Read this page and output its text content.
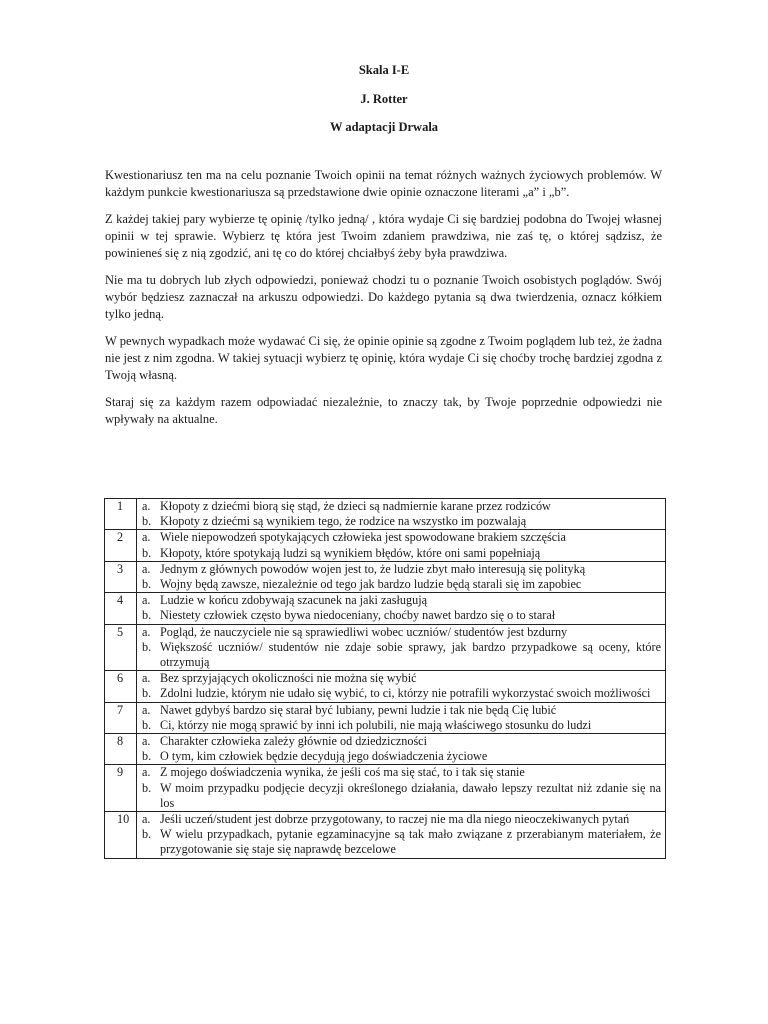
Skala I-E
J. Rotter
W adaptacji Drwala

Kwestionariusz ten ma na celu poznanie Twoich opinii na temat różnych ważnych życiowych problemów. W każdym punkcie kwestionariusza są przedstawione dwie opinie oznaczone literami „a” i „b”.

Z każdej takiej pary wybierze tę opinię /tylko jedną/ , która wydaje Ci się bardziej podobna do Twojej własnej opinii w tej sprawie. Wybierz tę która jest Twoim zdaniem prawdziwa, nie zaś tę, o której sądzisz, że powinieneś się z nią zgodzić, ani tę co do której chciałbyś żeby była prawdziwa.

Nie ma tu dobrych lub złych odpowiedzi, ponieważ chodzi tu o poznanie Twoich osobistych poglądów. Swój wybór będziesz zaznaczał na arkuszu odpowiedzi. Do każdego pytania są dwa twierdzenia, oznacz kółkiem tylko jedną.

W pewnych wypadkach może wydawać Ci się, że opinie opinie są zgodne z Twoim poglądem lub też, że żadna nie jest z nim zgodna. W takiej sytuacji wybierz tę opinię, która wydaje Ci się choćby trochę bardziej zgodna z Twoją własną.

Staraj się za każdym razem odpowiadać niezależnie, to znaczy tak, by Twoje poprzednie odpowiedzi nie wpływały na aktualne.

1	a. Kłopoty z dziećmi biorą się stąd, że dzieci są nadmiernie karane przez rodziców
b. Kłopoty z dziećmi są wynikiem tego, że rodzice na wszystko im pozwalają

2	a. Wiele niepowodzeń spotykających człowieka jest spowodowane brakiem szczęścia
b. Kłopoty, które spotykają ludzi są wynikiem błędów, które oni sami popełniają

3	a. Jednym z głównych powodów wojen jest to, że ludzie zbyt mało interesują się polityką
b. Wojny będą zawsze, niezależnie od tego jak bardzo ludzie będą starali się im zapobiec

4	a. Ludzie w końcu zdobywają szacunek na jaki zasługują
b. Niestety człowiek często bywa niedoceniany, choćby nawet bardzo się o to starał

5	a. Pogląd, że nauczyciele nie są sprawiedliwi wobec uczniów/ studentów jest bzdurny
b. Większość uczniów/ studentów nie zdaje sobie sprawy, jak bardzo przypadkowe są oceny, które otrzymują

6	a. Bez sprzyjających okoliczności nie można się wybić
b. Zdolni ludzie, którym nie udało się wybić, to ci, którzy nie potrafili wykorzystać swoich możliwości

7	a. Nawet gdybyś bardzo się starał być lubiany, pewni ludzie i tak nie będą Cię lubić
b. Ci, którzy nie mogą sprawić by inni ich polubili, nie mają właściwego stosunku do ludzi

8	a. Charakter człowieka zależy głównie od dziedziczności
b. O tym, kim człowiek będzie decydują jego doświadczenia życiowe

9	a. Z mojego doświadczenia wynika, że jeśli coś ma się stać, to i tak się stanie
b. W moim przypadku podjęcie decyzji określonego działania, dawało lepszy rezultat niż zdanie się na los

10	a. Jeśli uczeń/student jest dobrze przygotowany, to raczej nie ma dla niego nieoczekiwanych pytań
b. W wielu przypadkach, pytanie egzaminacyjne są tak mało związane z przerabianym materiałem, że przygotowanie się staje się naprawdę bezcelowe
